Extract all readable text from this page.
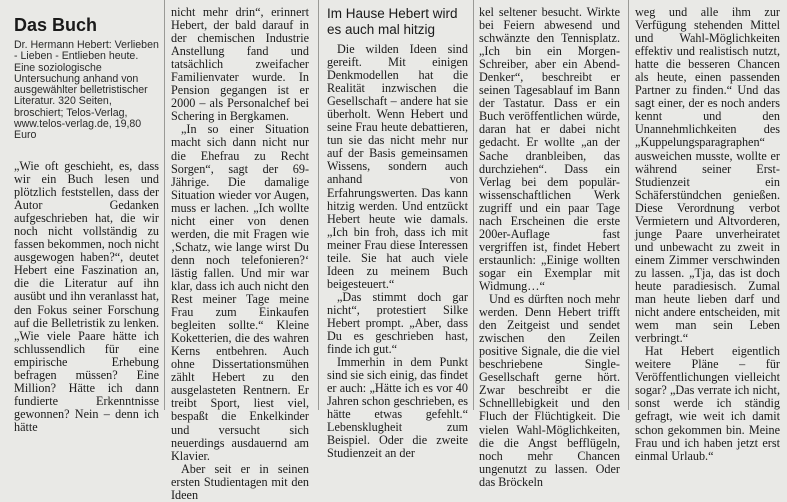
Das Buch
Dr. Hermann Hebert: Verlieben - Lieben - Entlieben heute. Eine soziologische Untersuchung anhand von ausgewählter belletristischer Literatur. 320 Seiten, broschiert; Telos-Verlag, www.telos-verlag.de, 19,80 Euro

„Wie oft geschieht, es, dass wir ein Buch lesen und plötzlich feststellen, dass der Autor Gedanken aufgeschrieben hat, die wir noch nicht vollständig zu fassen bekommen, noch nicht ausgewogen haben?“, deutet Hebert eine Faszination an, die die Literatur auf ihn ausübt und ihn veranlasst hat, den Fokus seiner Forschung auf die Belletristik zu lenken. „Wie viele Paare hätte ich schlussendlich für eine empirische Erhebung befragen müssen? Eine Million? Hätte ich dann fundierte Erkenntnisse gewonnen? Nein – denn ich hätte

nicht mehr drin“, erinnert Hebert, der bald darauf in der chemischen Industrie Anstellung fand und tatsächlich zweifacher Familienvater wurde. In Pension gegangen ist er 2000 – als Personalchef bei Schering in Bergkamen.

„In so einer Situation macht sich dann nicht nur die Ehefrau zu Recht Sorgen“, sagt der 69-Jährige. Die damalige Situation wieder vor Augen, muss er lachen. „Ich wollte nicht einer von denen werden, die mit Fragen wie ‚Schatz, wie lange wirst Du denn noch telefonieren?‘ lästig fallen. Und mir war klar, dass ich auch nicht den Rest meiner Tage meine Frau zum Einkaufen begleiten sollte.“ Kleine Koketterien, die des wahren Kerns entbehren. Auch ohne Dissertationsmühen zählt Hebert zu den ausgelasteten Rentnern. Er treibt Sport, liest viel, bespaßt die Enkelkinder und versucht sich neuerdings ausdauernd am Klavier.

Aber seit er in seinen ersten Studientagen mit den Ideen

Im Hause Hebert wird es auch mal hitzig

Die wilden Ideen sind gereift. Mit einigen Denkmodellen hat die Realität inzwischen die Gesellschaft – andere hat sie überholt. Wenn Hebert und seine Frau heute debattieren, tun sie das nicht mehr nur auf der Basis gemeinsamen Wissens, sondern auch anhand von Erfahrungswerten. Das kann hitzig werden. Und entzückt Hebert heute wie damals. „Ich bin froh, dass ich mit meiner Frau diese Interessen teile. Sie hat auch viele Ideen zu meinem Buch beigesteuert.“

„Das stimmt doch gar nicht“, protestiert Silke Hebert prompt. „Aber, dass Du es geschrieben hast, finde ich gut.“

Immerhin in dem Punkt sind sie sich einig, das findet er auch: „Hätte ich es vor 40 Jahren schon geschrieben, es hätte etwas gefehlt.“ Lebensklugheit zum Beispiel. Oder die zweite Studienzeit an der

kel seltener besucht. Wirkte bei Feiern abwesend und schwänzte den Tennisplatz. „Ich bin ein Morgen-Schreiber, aber ein Abend-Denker“, beschreibt er seinen Tagesablauf im Bann der Tastatur. Dass er ein Buch veröffentlichen würde, daran hat er dabei nicht gedacht. Er wollte „an der Sache dranbleiben, das durchziehen“. Dass ein Verlag bei dem populär-wissenschaftlichen Werk zugriff und ein paar Tage nach Erscheinen die erste 200er-Auflage fast vergriffen ist, findet Hebert erstaunlich: „Einige wollten sogar ein Exemplar mit Widmung…“

Und es dürften noch mehr werden. Denn Hebert trifft den Zeitgeist und sendet zwischen den Zeilen positive Signale, die die viel beschriebene Single-Gesellschaft gerne hört. Zwar beschreibt er die Schnelllebigkeit und den Fluch der Flüchtigkeit. Die vielen Wahl-Möglichkeiten, die die Angst befflügeln, noch mehr Chancen ungenutzt zu lassen. Oder das Bröckeln

weg und alle ihm zur Verfügung stehenden Mittel und Wahl-Möglichkeiten effektiv und realistisch nutzt, hatte die besseren Chancen als heute, einen passenden Partner zu finden.“ Und das sagt einer, der es noch anders kennt und den Unannehmlichkeiten des „Kuppelungsparagraphen“ ausweichen musste, wollte er während seiner Erst-Studienzeit ein Schäferstündchen genießen. Diese Verordnung verbot Vermietern und Altvorderen, junge Paare unverheiratet und unbewacht zu zweit in einem Zimmer verschwinden zu lassen. „Tja, das ist doch heute paradiesisch. Zumal man heute lieben darf und nicht andere entscheiden, mit wem man sein Leben verbringt.“

Hat Hebert eigentlich weitere Pläne – für Veröffentlichungen vielleicht sogar? „Das verrate ich nicht, sonst werde ich ständig gefragt, wie weit ich damit schon gekommen bin. Meine Frau und ich haben jetzt erst einmal Urlaub.“
